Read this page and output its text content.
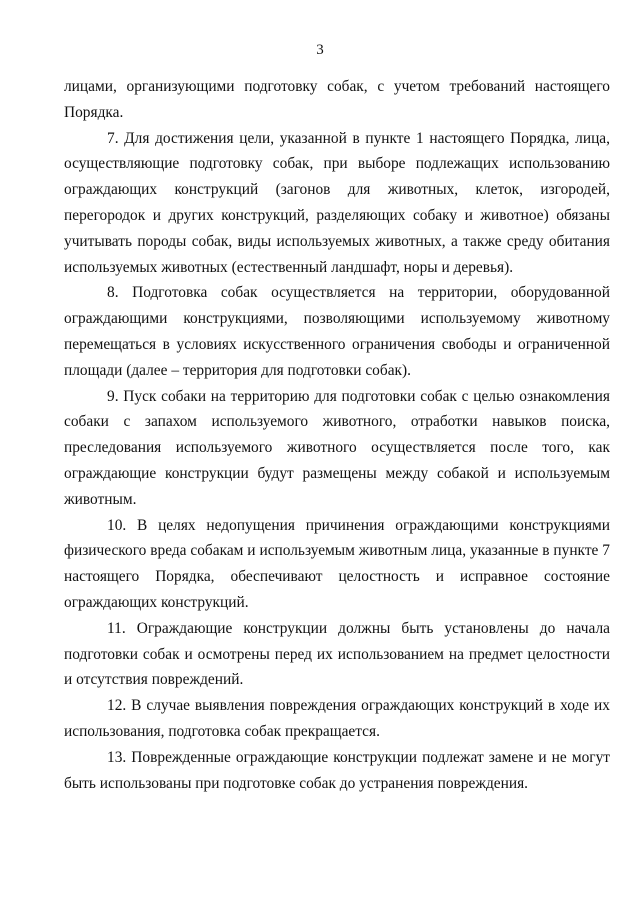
3

лицами, организующими подготовку собак, с учетом требований настоящего Порядка.

7. Для достижения цели, указанной в пункте 1 настоящего Порядка, лица, осуществляющие подготовку собак, при выборе подлежащих использованию ограждающих конструкций (загонов для животных, клеток, изгородей, перегородок и других конструкций, разделяющих собаку и животное) обязаны учитывать породы собак, виды используемых животных, а также среду обитания используемых животных (естественный ландшафт, норы и деревья).

8. Подготовка собак осуществляется на территории, оборудованной ограждающими конструкциями, позволяющими используемому животному перемещаться в условиях искусственного ограничения свободы и ограниченной площади (далее – территория для подготовки собак).

9. Пуск собаки на территорию для подготовки собак с целью ознакомления собаки с запахом используемого животного, отработки навыков поиска, преследования используемого животного осуществляется после того, как ограждающие конструкции будут размещены между собакой и используемым животным.

10. В целях недопущения причинения ограждающими конструкциями физического вреда собакам и используемым животным лица, указанные в пункте 7 настоящего Порядка, обеспечивают целостность и исправное состояние ограждающих конструкций.

11. Ограждающие конструкции должны быть установлены до начала подготовки собак и осмотрены перед их использованием на предмет целостности и отсутствия повреждений.

12. В случае выявления повреждения ограждающих конструкций в ходе их использования, подготовка собак прекращается.

13. Поврежденные ограждающие конструкции подлежат замене и не могут быть использованы при подготовке собак до устранения повреждения.
